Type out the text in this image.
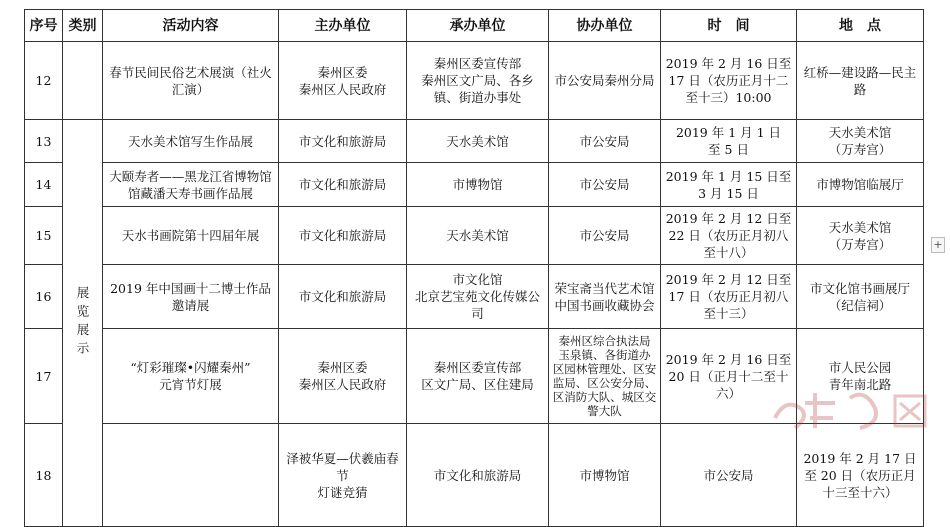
序号	类别	活动内容	主办单位	承办单位	协办单位	时　间	地　点	
12		春节民间民俗艺术展演（社火汇演）	秦州区委
秦州区人民政府	秦州区委宣传部
秦州区文广局、各乡镇、街道办事处	市公安局秦州分局	2019 年 2 月 16 日至17 日（农历正月十二至十三）10:00	红桥—建设路—民主路	
13	展览展示	天水美术馆写生作品展	市文化和旅游局	天水美术馆	市公安局	2019 年 1 月 1 日
至 5 日	天水美术馆
（万寿宫）	
14		大颐寿者——黑龙江省博物馆馆藏潘天寿书画作品展	市文化和旅游局	市博物馆	市公安局	2019 年 1 月 15 日至
3 月 15 日	市博物馆临展厅	
15		天水书画院第十四届年展	市文化和旅游局	天水美术馆	市公安局	2019 年 2 月 12 日至 22 日（农历正月初八至十八）	天水美术馆
（万寿宫）	
16		2019 年中国画十二博士作品邀请展	市文化和旅游局	市文化馆
北京艺宝苑文化传媒公司	荣宝斋当代艺术馆
中国书画收藏协会	2019 年 2 月 12 日至 17 日（农历正月初八至十三）	市文化馆书画展厅（纪信祠）	
17		“灯彩璀璨•闪耀秦州”
元宵节灯展	秦州区委
秦州区人民政府	秦州区委宣传部
区文广局、区住建局	秦州区综合执法局
玉泉镇、各街道办
区园林管理处、区安监局、区公安分局、区消防大队、城区交警大队	2019 年 2 月 16 日至 20 日（正月十二至十六）	市人民公园
青年南北路	
18			泽被华夏—伏羲庙春节
灯谜竞猜	市文化和旅游局	市博物馆	市公安局	2019 年 2 月 17 日至 20 日（农历正月十三至十六）	
+
